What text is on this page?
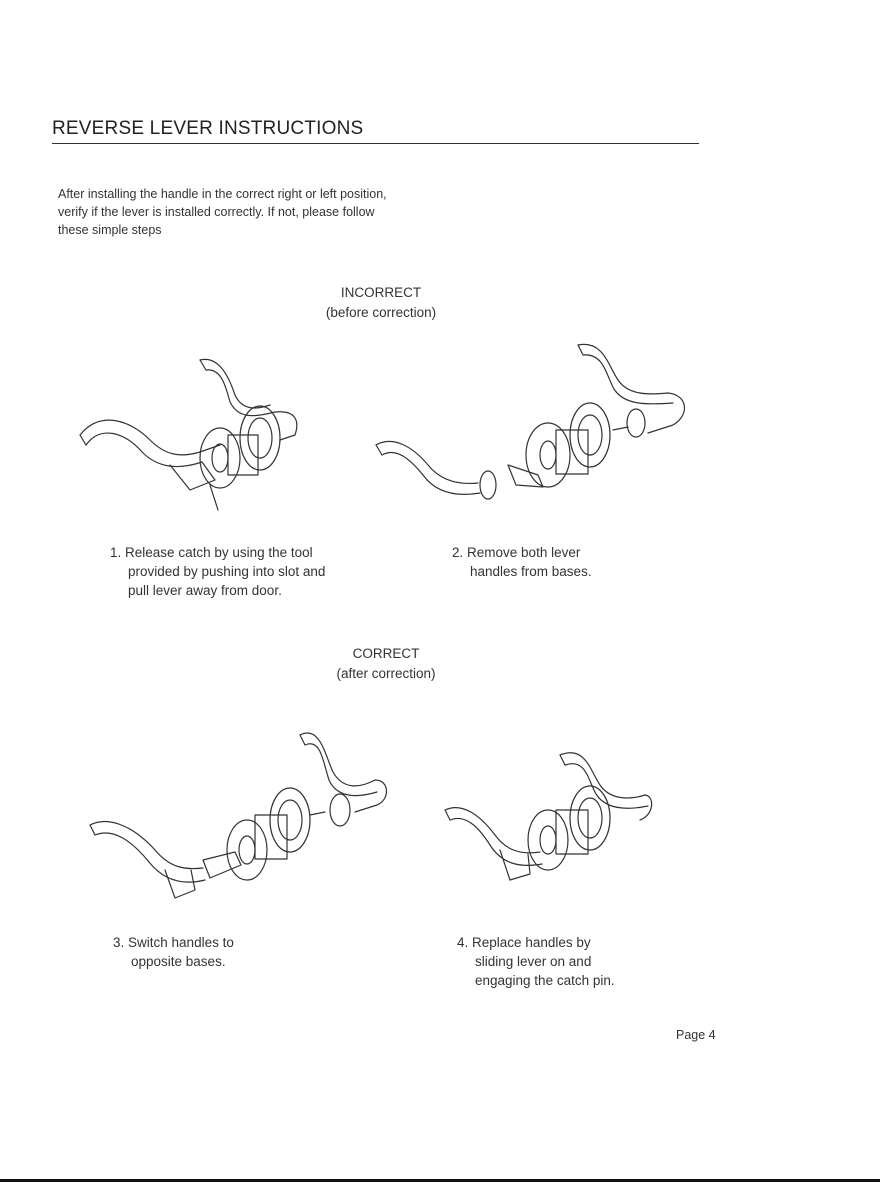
REVERSE LEVER INSTRUCTIONS
After installing the handle in the correct right or left position,
verify if the lever is installed correctly. If not, please follow
these simple steps
INCORRECT
(before correction)
1. Release catch by using the tool
provided by pushing into slot and
pull lever away from door.
2. Remove both lever
handles from bases.
CORRECT
(after correction)
3. Switch handles to
opposite bases.
4. Replace handles by
sliding lever on and
engaging the catch pin.
Page 4
